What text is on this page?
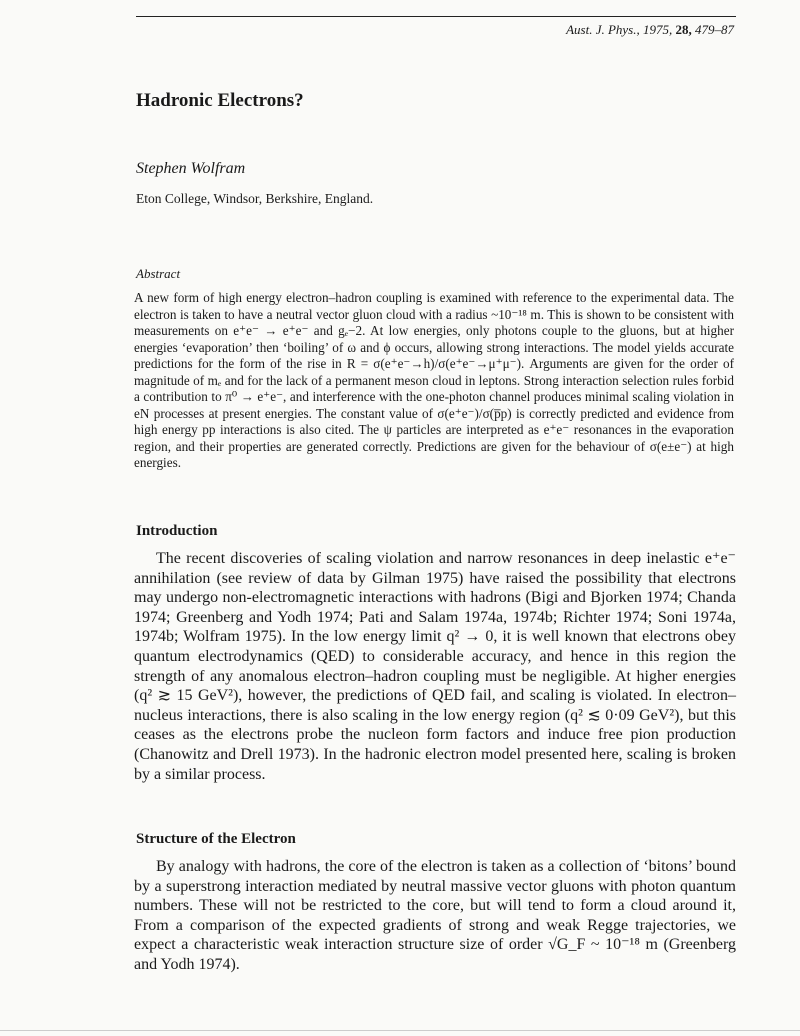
Aust. J. Phys., 1975, 28, 479–87
Hadronic Electrons?
Stephen Wolfram
Eton College, Windsor, Berkshire, England.
Abstract

A new form of high energy electron–hadron coupling is examined with reference to the experimental data. The electron is taken to have a neutral vector gluon cloud with a radius ~10⁻¹⁸ m. This is shown to be consistent with measurements on e⁺e⁻ → e⁺e⁻ and gₑ−2. At low energies, only photons couple to the gluons, but at higher energies ‘evaporation’ then ‘boiling’ of ω and ϕ occurs, allowing strong interactions. The model yields accurate predictions for the form of the rise in R = σ(e⁺e⁻→h)/σ(e⁺e⁻→μ⁺μ⁻). Arguments are given for the order of magnitude of mₑ and for the lack of a permanent meson cloud in leptons. Strong interaction selection rules forbid a contribution to π⁰ → e⁺e⁻, and interference with the one-photon channel produces minimal scaling violation in eN processes at present energies. The constant value of σ(e⁺e⁻)/σ(p̅p) is correctly predicted and evidence from high energy pp interactions is also cited. The ψ particles are interpreted as e⁺e⁻ resonances in the evaporation region, and their properties are generated correctly. Predictions are given for the behaviour of σ(e±e⁻) at high energies.

Introduction

The recent discoveries of scaling violation and narrow resonances in deep inelastic e⁺e⁻ annihilation (see review of data by Gilman 1975) have raised the possibility that electrons may undergo non-electromagnetic interactions with hadrons (Bigi and Bjorken 1974; Chanda 1974; Greenberg and Yodh 1974; Pati and Salam 1974a, 1974b; Richter 1974; Soni 1974a, 1974b; Wolfram 1975). In the low energy limit q² → 0, it is well known that electrons obey quantum electrodynamics (QED) to considerable accuracy, and hence in this region the strength of any anomalous electron–hadron coupling must be negligible. At higher energies (q² ≳ 15 GeV²), however, the predictions of QED fail, and scaling is violated. In electron–nucleus interactions, there is also scaling in the low energy region (q² ≲ 0·09 GeV²), but this ceases as the electrons probe the nucleon form factors and induce free pion production (Chanowitz and Drell 1973). In the hadronic electron model presented here, scaling is broken by a similar process.

Structure of the Electron

By analogy with hadrons, the core of the electron is taken as a collection of ‘bitons’ bound by a superstrong interaction mediated by neutral massive vector gluons with photon quantum numbers. These will not be restricted to the core, but will tend to form a cloud around it, From a comparison of the expected gradients of strong and weak Regge trajectories, we expect a characteristic weak interaction structure size of order √G_F ~ 10⁻¹⁸ m (Greenberg and Yodh 1974).
